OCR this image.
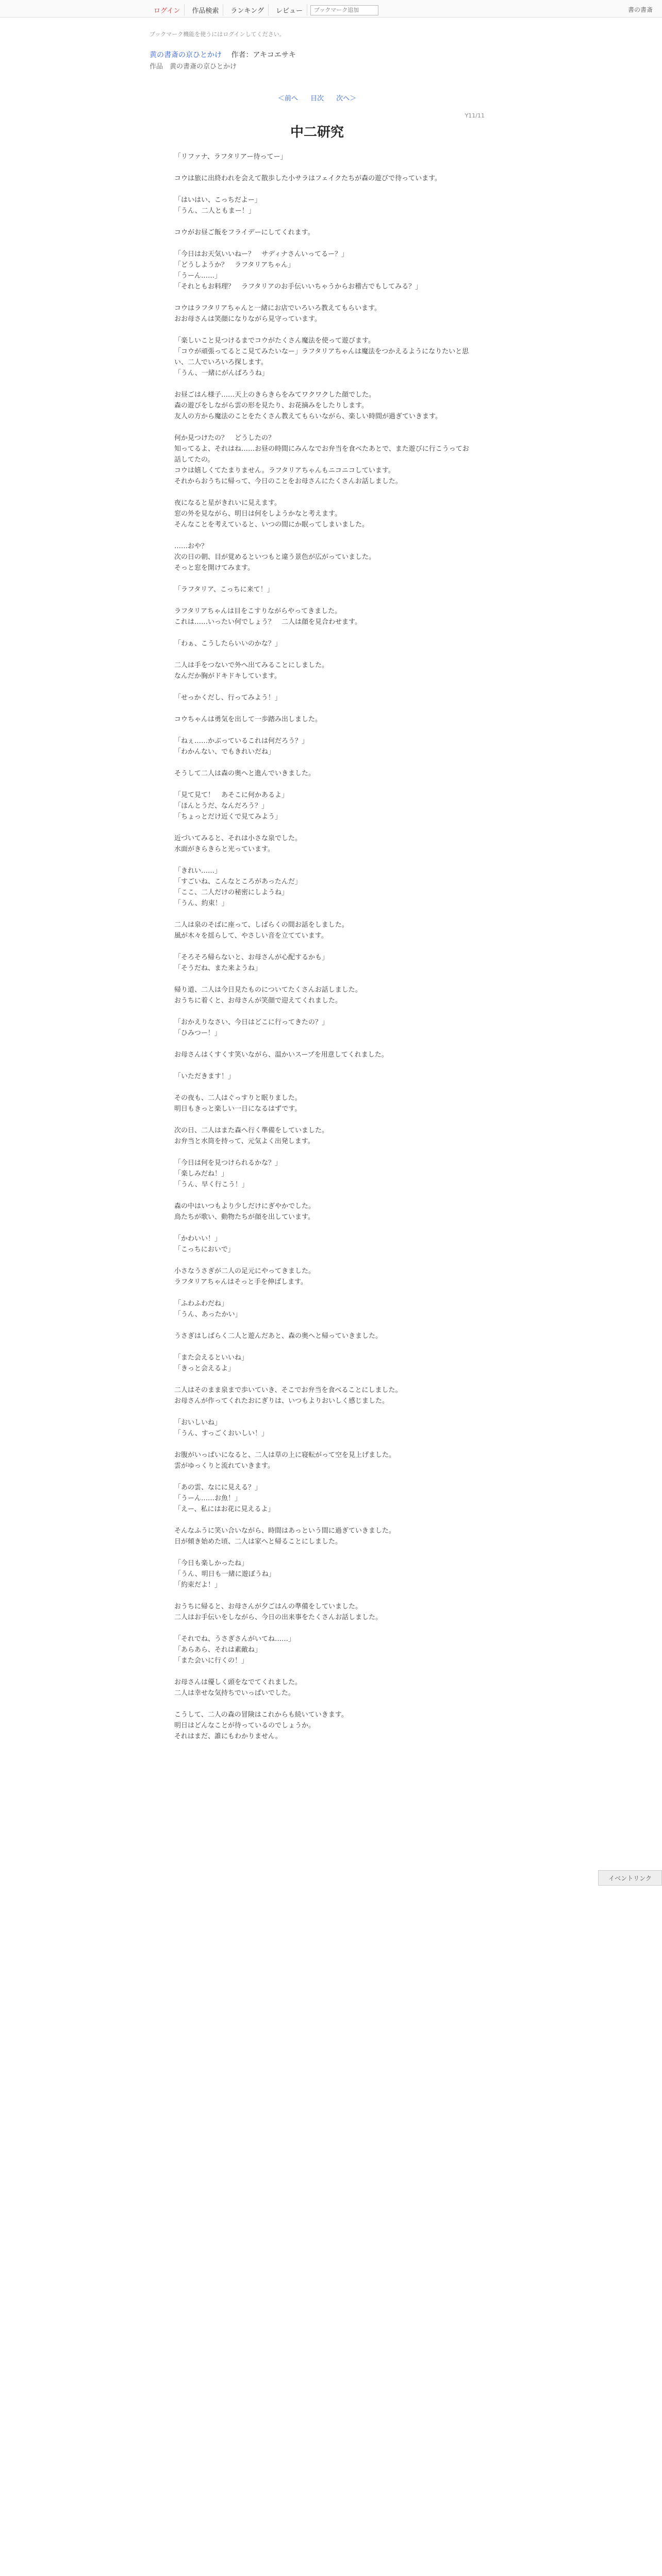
ログイン	作品検索	ランキング	レビュー
ブックマーク追加	書の書斎
ブックマーク機能を使うにはログインしてください。
黄の書斎の京ひとかけ 作者：アキコエサキ
作品　黄の書斎の京ひとかけ
＜前へ 目次 次へ＞
Y11/11
中二研究

「リファナ、ラフタリアー待ってー」

コウは旅に出終われを会えて散歩した小サラはフェイクたちが森の遊びで待っています。

「はいはい、こっちだよー」
「うん、二人ともまー！」

コウがお昼ご飯をフライデーにしてくれます。

「今日はお天気いいねー？　サディナさんいってるー？」
「どうしようか？　ラフタリアちゃん」
「うーん……」
「それともお料理？　ラフタリアのお手伝いいちゃうからお稽古でもしてみる？」

コウはラフタリアちゃんと一緒にお店でいろいろ教えてもらいます。
おお母さんは笑顔になりながら見守っています。

「楽しいこと見つけるまでコウがたくさん魔法を使って遊びます。
「コウが頑張ってるとこ見てみたいなー」ラフタリアちゃんは魔法をつかえるようになりたいと思い、二人でいろいろ探します。
「うん、一緒にがんばろうね」

お昼ごはん様子……天上のきらきらをみてワクワクした顔でした。
森の遊びをしながら雲の形を見たり、お花摘みをしたりします。
友人の方から魔法のことをたくさん教えてもらいながら、楽しい時間が過ぎていきます。

何か見つけたの？　どうしたの？
知ってるよ、それはね……お昼の時間にみんなでお弁当を食べたあとで、また遊びに行こうってお話してたの。
コウは嬉しくてたまりません。ラフタリアちゃんもニコニコしています。
それからおうちに帰って、今日のことをお母さんにたくさんお話しました。

夜になると星がきれいに見えます。
窓の外を見ながら、明日は何をしようかなと考えます。
そんなことを考えていると、いつの間にか眠ってしまいました。

……おや？
次の日の朝、目が覚めるといつもと違う景色が広がっていました。
そっと窓を開けてみます。

「ラフタリア、こっちに来て！」

ラフタリアちゃんは目をこすりながらやってきました。
これは……いったい何でしょう？　二人は顔を見合わせます。

「わぁ、こうしたらいいのかな？」

二人は手をつないで外へ出てみることにしました。
なんだか胸がドキドキしています。

「せっかくだし、行ってみよう！」

コウちゃんは勇気を出して一歩踏み出しました。

「ねぇ……かぶっているこれは何だろう？」
「わかんない、でもきれいだね」

そうして二人は森の奥へと進んでいきました。

「見て見て！　あそこに何かあるよ」
「ほんとうだ、なんだろう？」
「ちょっとだけ近くで見てみよう」

近づいてみると、それは小さな泉でした。
水面がきらきらと光っています。

「きれい……」
「すごいね、こんなところがあったんだ」
「ここ、二人だけの秘密にしようね」
「うん、約束！」

二人は泉のそばに座って、しばらくの間お話をしました。
風が木々を揺らして、やさしい音を立てています。

「そろそろ帰らないと、お母さんが心配するかも」
「そうだね、また来ようね」

帰り道、二人は今日見たものについてたくさんお話しました。
おうちに着くと、お母さんが笑顔で迎えてくれました。

「おかえりなさい、今日はどこに行ってきたの？」
「ひみつー！」

お母さんはくすくす笑いながら、温かいスープを用意してくれました。

「いただきます！」

その夜も、二人はぐっすりと眠りました。
明日もきっと楽しい一日になるはずです。

次の日、二人はまた森へ行く準備をしていました。
お弁当と水筒を持って、元気よく出発します。

「今日は何を見つけられるかな？」
「楽しみだね！」
「うん、早く行こう！」

森の中はいつもより少しだけにぎやかでした。
鳥たちが歌い、動物たちが顔を出しています。

「かわいい！」
「こっちにおいで」

小さなうさぎが二人の足元にやってきました。
ラフタリアちゃんはそっと手を伸ばします。

「ふわふわだね」
「うん、あったかい」

うさぎはしばらく二人と遊んだあと、森の奥へと帰っていきました。

「また会えるといいね」
「きっと会えるよ」

二人はそのまま泉まで歩いていき、そこでお弁当を食べることにしました。
お母さんが作ってくれたおにぎりは、いつもよりおいしく感じました。

「おいしいね」
「うん、すっごくおいしい！」

お腹がいっぱいになると、二人は草の上に寝転がって空を見上げました。
雲がゆっくりと流れていきます。

「あの雲、なにに見える？」
「うーん……お魚！」
「えー、私にはお花に見えるよ」

そんなふうに笑い合いながら、時間はあっという間に過ぎていきました。
日が傾き始めた頃、二人は家へと帰ることにしました。

「今日も楽しかったね」
「うん、明日も一緒に遊ぼうね」
「約束だよ！」

おうちに帰ると、お母さんが夕ごはんの準備をしていました。
二人はお手伝いをしながら、今日の出来事をたくさんお話しました。

「それでね、うさぎさんがいてね……」
「あらあら、それは素敵ね」
「また会いに行くの！」

お母さんは優しく頭をなでてくれました。
二人は幸せな気持ちでいっぱいでした。

こうして、二人の森の冒険はこれからも続いていきます。
明日はどんなことが待っているのでしょうか。
それはまだ、誰にもわかりません。

イベントリンク
